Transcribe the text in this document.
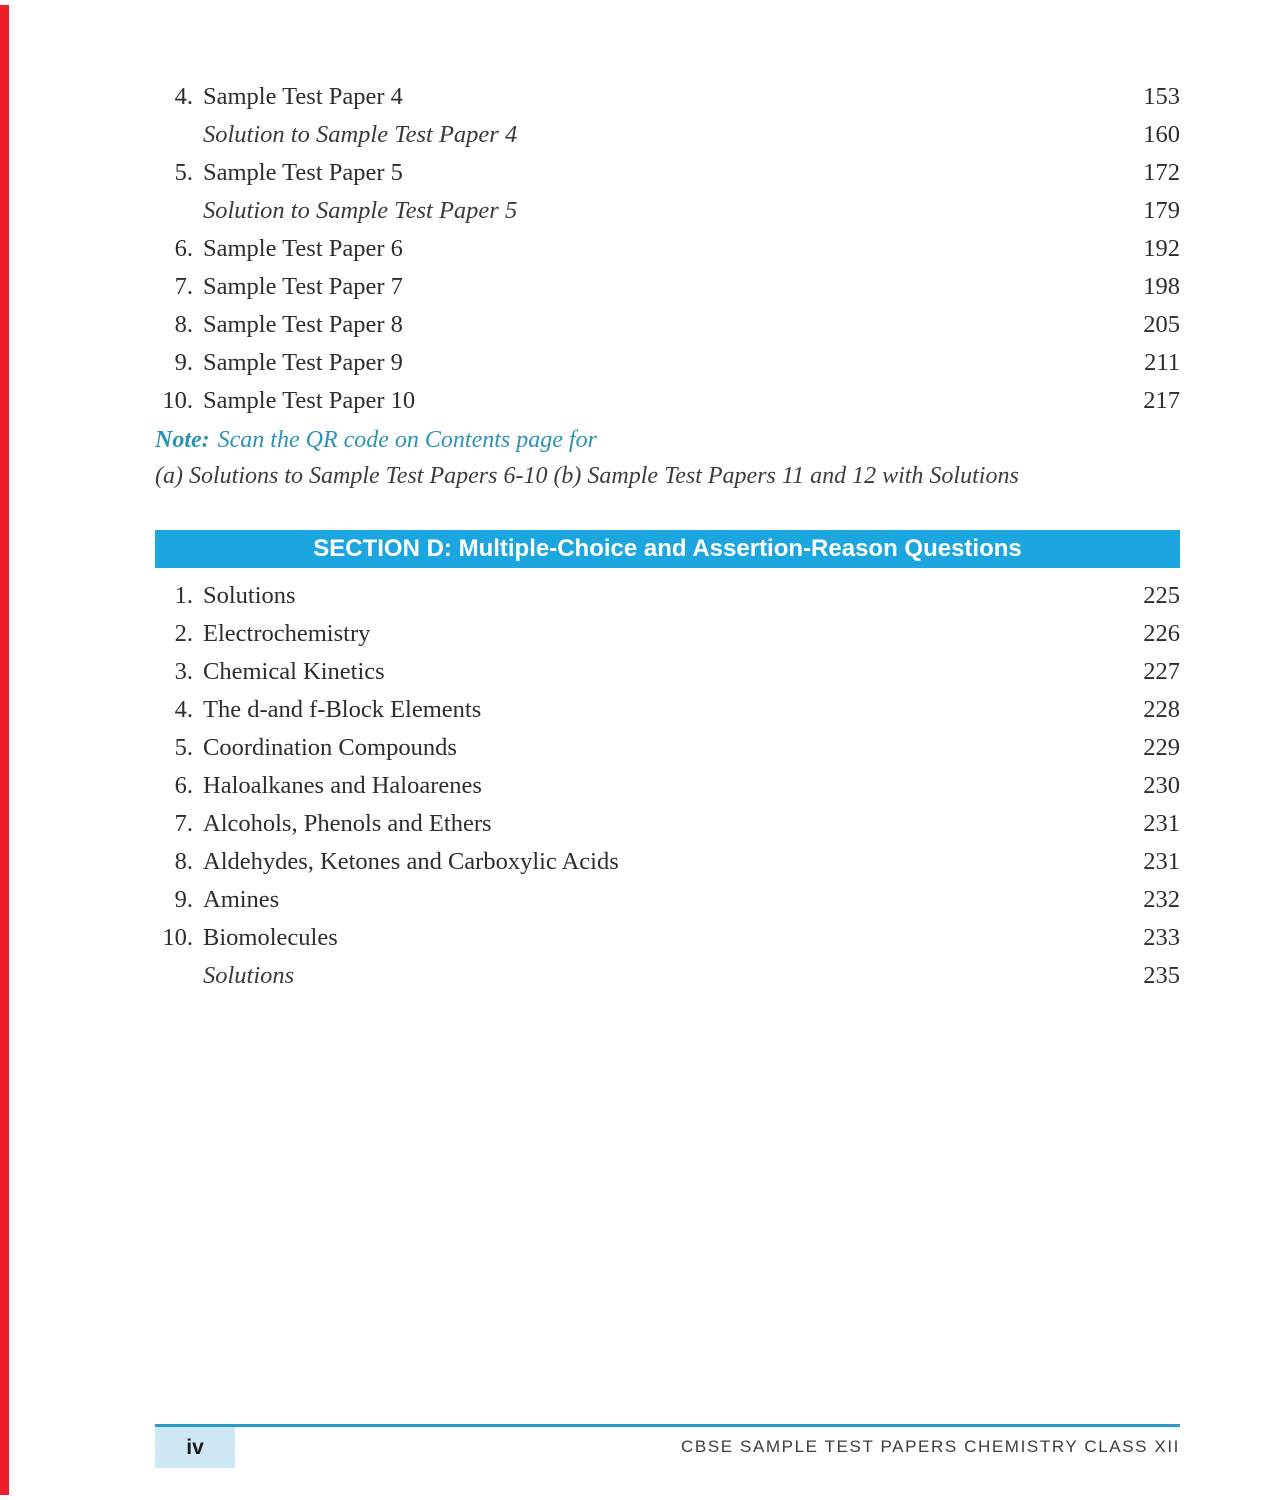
4. Sample Test Paper 4	153
Solution to Sample Test Paper 4	160
5. Sample Test Paper 5	172
Solution to Sample Test Paper 5	179
6. Sample Test Paper 6	192
7. Sample Test Paper 7	198
8. Sample Test Paper 8	205
9. Sample Test Paper 9	211
10. Sample Test Paper 10	217
Note: Scan the QR code on Contents page for
(a) Solutions to Sample Test Papers 6-10 (b) Sample Test Papers 11 and 12 with Solutions
SECTION D: Multiple-Choice and Assertion-Reason Questions
1. Solutions	225
2. Electrochemistry	226
3. Chemical Kinetics	227
4. The d-and f-Block Elements	228
5. Coordination Compounds	229
6. Haloalkanes and Haloarenes	230
7. Alcohols, Phenols and Ethers	231
8. Aldehydes, Ketones and Carboxylic Acids	231
9. Amines	232
10. Biomolecules	233
Solutions	235
iv	CBSE SAMPLE TEST PAPERS CHEMISTRY CLASS XII
